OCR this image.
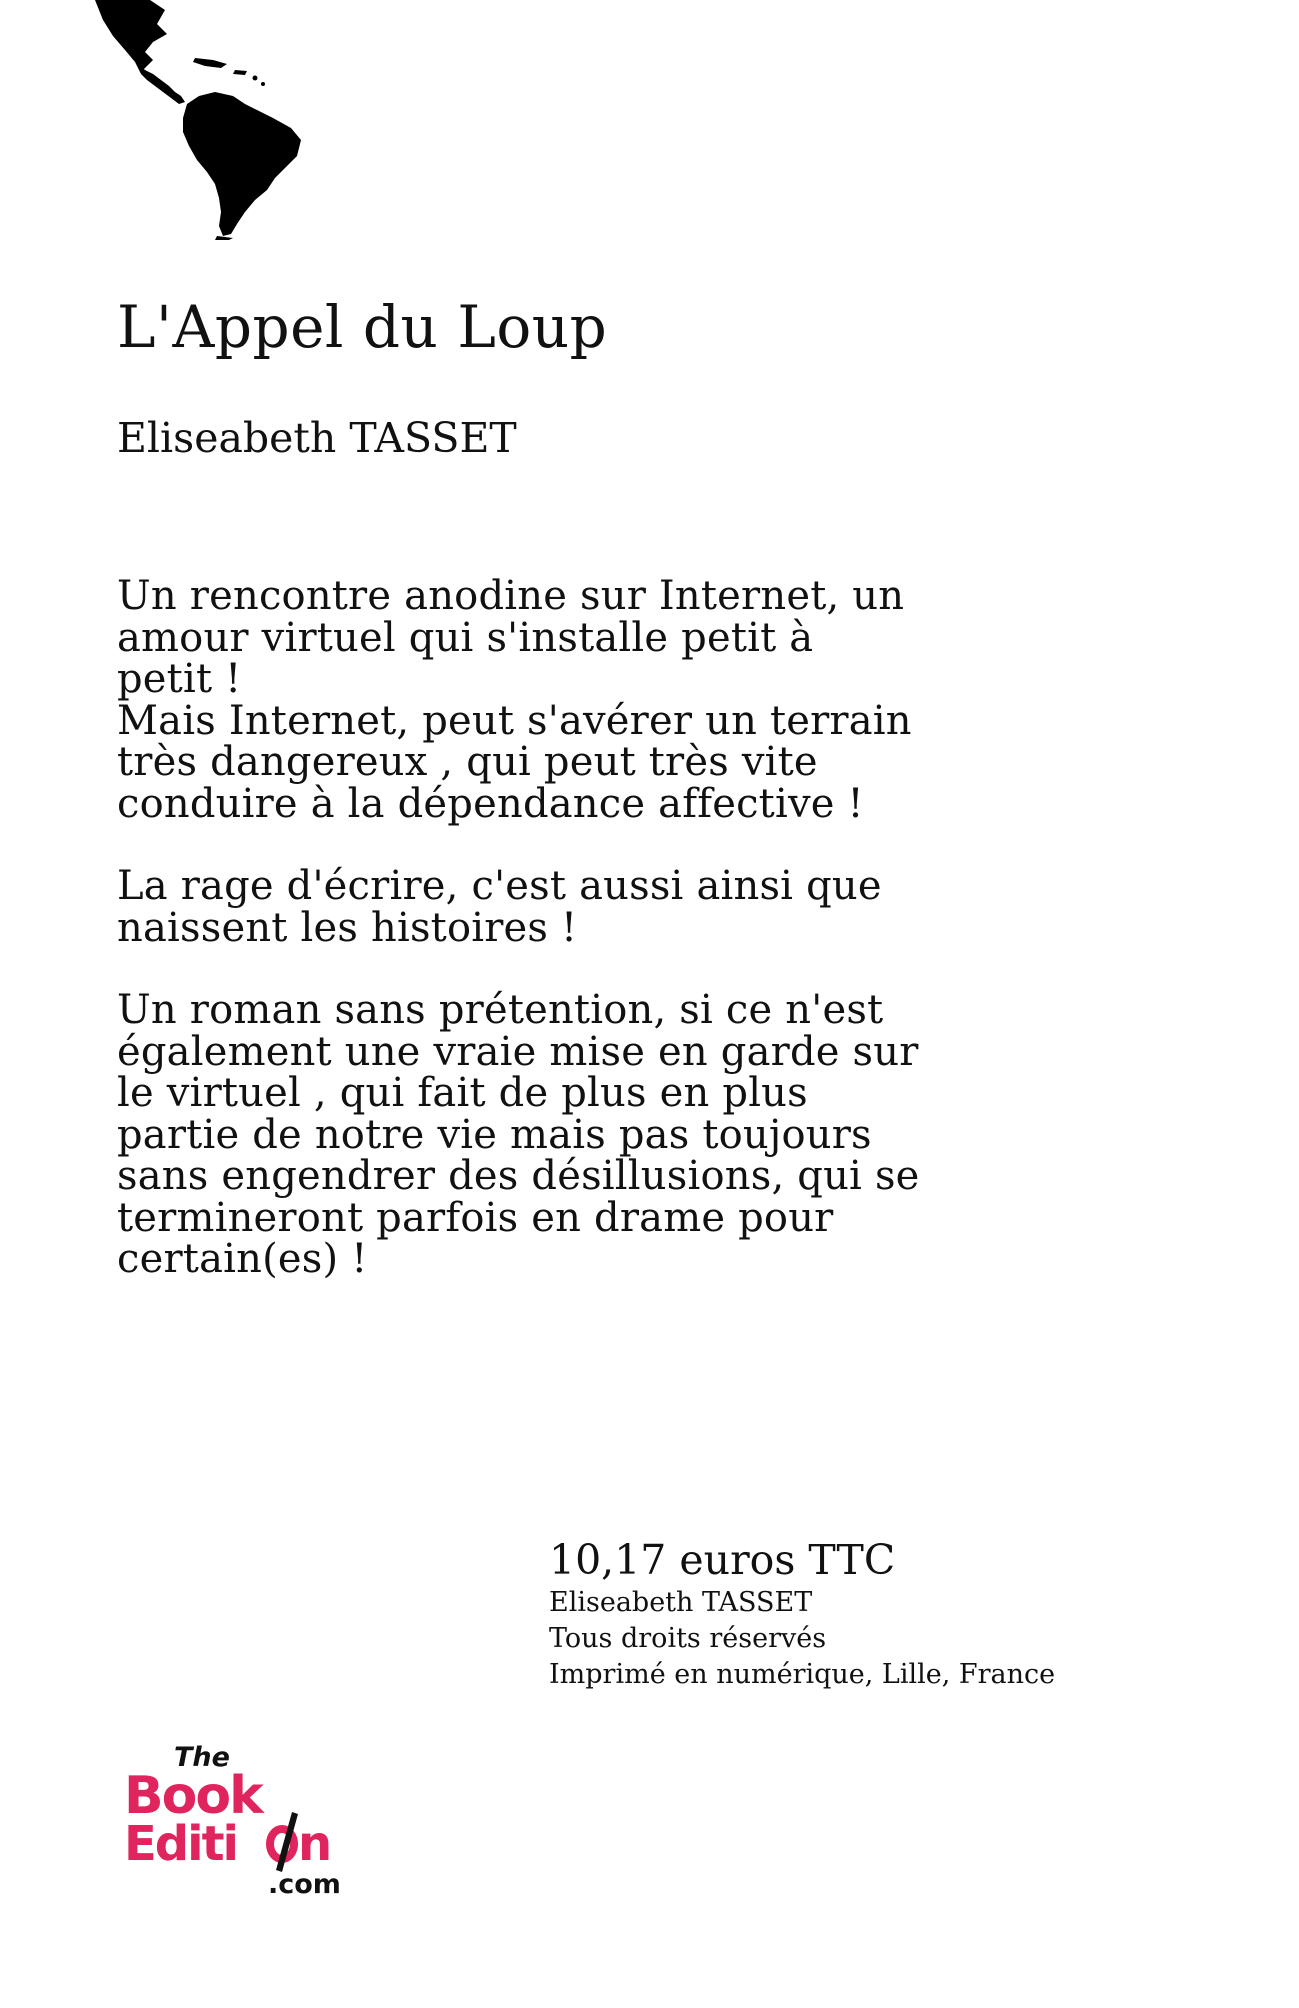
L'Appel du Loup

Eliseabeth TASSET

Un rencontre anodine sur Internet, un
amour virtuel qui s'installe petit à
petit !
Mais Internet, peut s'avérer un terrain
très dangereux , qui peut très vite
conduire à la dépendance affective !

La rage d'écrire, c'est aussi ainsi que
naissent les histoires !

Un roman sans prétention, si ce n'est
également une vraie mise en garde sur
le virtuel , qui fait de plus en plus
partie de notre vie mais pas toujours
sans engendrer des désillusions, qui se
termineront parfois en drame pour
certain(es) !

10,17 euros TTC
Eliseabeth TASSET
Tous droits réservés
Imprimé en numérique, Lille, France
The
Book
Editi n
.com
